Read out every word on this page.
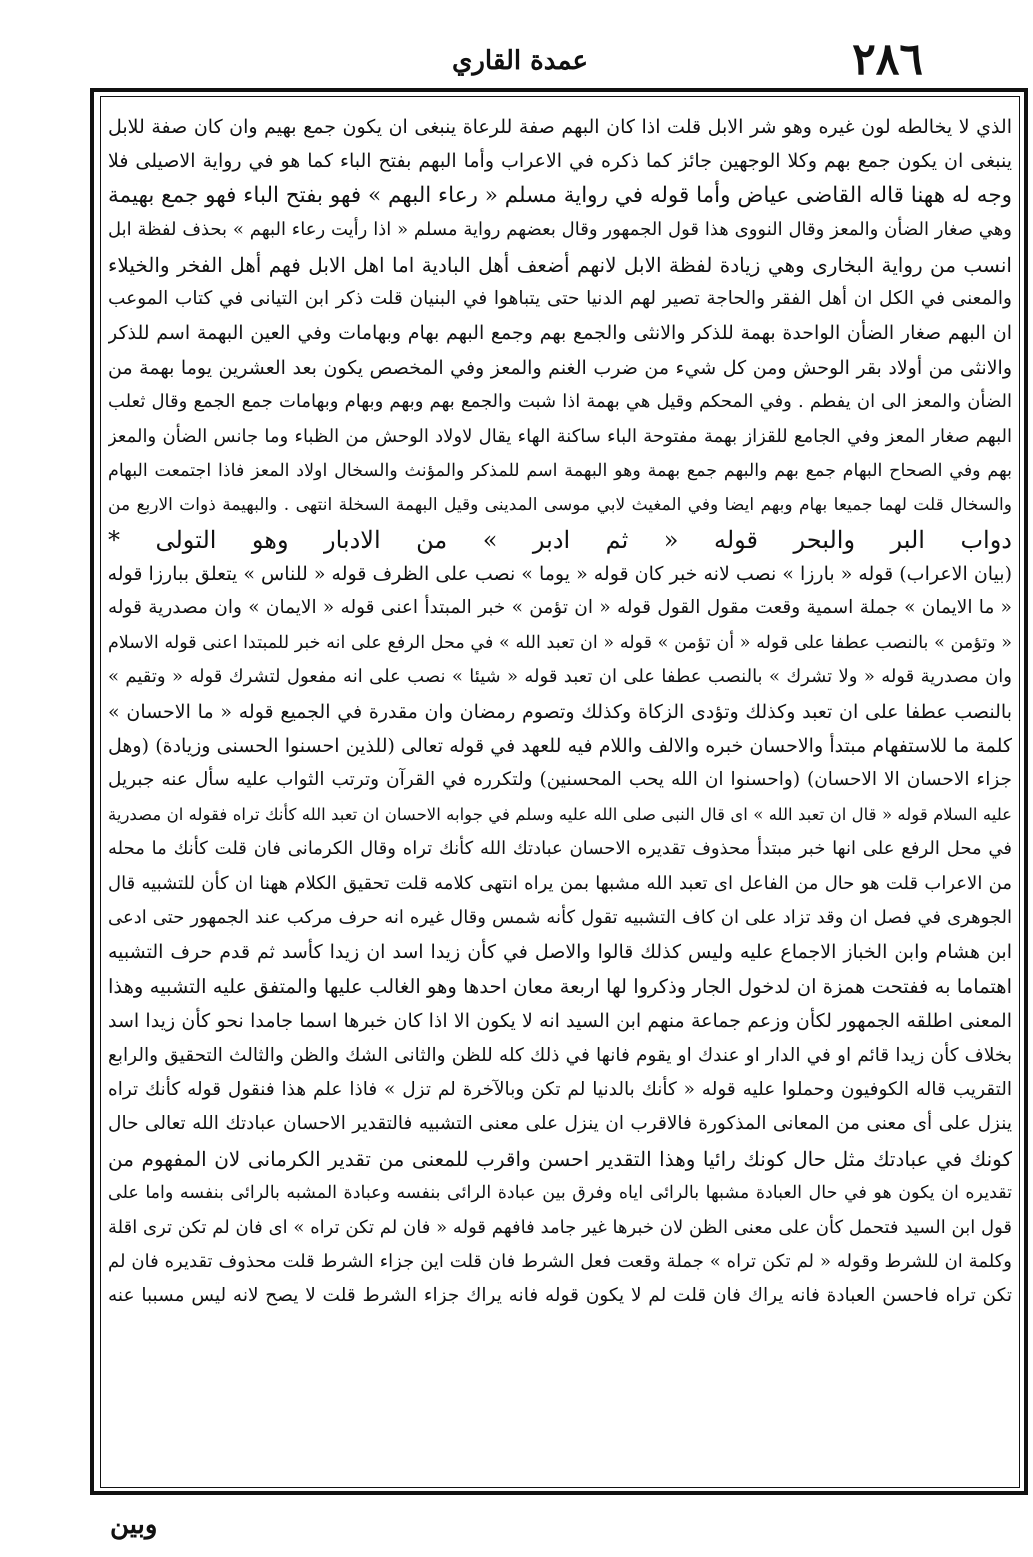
٢٨٦
عمدة القاري
الذي لا يخالطه لون غيره وهو شر الابل قلت اذا كان البهم صفة للرعاة ينبغى ان يكون جمع بهيم وان كان صفة للابل
ينبغى ان يكون جمع بهم وكلا الوجهين جائز كما ذكره في الاعراب وأما البهم بفتح الباء كما هو في رواية الاصيلى فلا
وجه له ههنا قاله القاضى عياض وأما قوله في رواية مسلم « رعاء البهم » فهو بفتح الباء فهو جمع بهيمة
وهي صغار الضأن والمعز وقال النووى هذا قول الجمهور وقال بعضهم رواية مسلم « اذا رأيت رعاء البهم » بحذف لفظة ابل
انسب من رواية البخارى وهي زيادة لفظة الابل لانهم أضعف أهل البادية اما اهل الابل فهم أهل الفخر والخيلاء
والمعنى في الكل ان أهل الفقر والحاجة تصير لهم الدنيا حتى يتباهوا في البنيان قلت ذكر ابن التيانى في كتاب الموعب
ان البهم صغار الضأن الواحدة بهمة للذكر والانثى والجمع بهم وجمع البهم بهام وبهامات وفي العين البهمة اسم للذكر
والانثى من أولاد بقر الوحش ومن كل شيء من ضرب الغنم والمعز وفي المخصص يكون بعد العشرين يوما بهمة من
الضأن والمعز الى ان يفطم . وفي المحكم وقيل هي بهمة اذا شبت والجمع بهم وبهم وبهام وبهامات جمع الجمع وقال ثعلب
البهم صغار المعز وفي الجامع للقزاز بهمة مفتوحة الباء ساكنة الهاء يقال لاولاد الوحش من الظباء وما جانس الضأن والمعز
بهم وفي الصحاح البهام جمع بهم والبهم جمع بهمة وهو البهمة اسم للمذكر والمؤنث والسخال اولاد المعز فاذا اجتمعت البهام
والسخال قلت لهما جميعا بهام وبهم ايضا وفي المغيث لابي موسى المدينى وقيل البهمة السخلة انتهى . والبهيمة ذوات الاربع من
دواب البر والبحر قوله « ثم ادبر » من الادبار وهو التولى *
(بيان الاعراب) قوله « بارزا » نصب لانه خبر كان قوله « يوما » نصب على الظرف قوله « للناس » يتعلق ببارزا قوله
« ما الايمان » جملة اسمية وقعت مقول القول قوله « ان تؤمن » خبر المبتدأ اعنى قوله « الايمان » وان مصدرية قوله
« وتؤمن » بالنصب عطفا على قوله « أن تؤمن » قوله « ان تعبد الله » في محل الرفع على انه خبر للمبتدا اعنى قوله الاسلام
وان مصدرية قوله « ولا تشرك » بالنصب عطفا على ان تعبد قوله « شيئا » نصب على انه مفعول لتشرك قوله « وتقيم »
بالنصب عطفا على ان تعبد وكذلك وتؤدى الزكاة وكذلك وتصوم رمضان وان مقدرة في الجميع قوله « ما الاحسان »
كلمة ما للاستفهام مبتدأ والاحسان خبره والالف واللام فيه للعهد في قوله تعالى (للذين احسنوا الحسنى وزيادة) (وهل
جزاء الاحسان الا الاحسان) (واحسنوا ان الله يحب المحسنين) ولتكرره في القرآن وترتب الثواب عليه سأل عنه جبريل
عليه السلام قوله « قال ان تعبد الله » اى قال النبى صلى الله عليه وسلم في جوابه الاحسان ان تعبد الله كأنك تراه فقوله ان مصدرية
في محل الرفع على انها خبر مبتدأ محذوف تقديره الاحسان عبادتك الله كأنك تراه وقال الكرمانى فان قلت كأنك ما محله
من الاعراب قلت هو حال من الفاعل اى تعبد الله مشبها بمن يراه انتهى كلامه قلت تحقيق الكلام ههنا ان كأن للتشبيه قال
الجوهرى في فصل ان وقد تزاد على ان كاف التشبيه تقول كأنه شمس وقال غيره انه حرف مركب عند الجمهور حتى ادعى
ابن هشام وابن الخباز الاجماع عليه وليس كذلك قالوا والاصل في كأن زيدا اسد ان زيدا كأسد ثم قدم حرف التشبيه
اهتماما به ففتحت همزة ان لدخول الجار وذكروا لها اربعة معان احدها وهو الغالب عليها والمتفق عليه التشبيه وهذا
المعنى اطلقه الجمهور لكأن وزعم جماعة منهم ابن السيد انه لا يكون الا اذا كان خبرها اسما جامدا نحو كأن زيدا اسد
بخلاف كأن زيدا قائم او في الدار او عندك او يقوم فانها في ذلك كله للظن والثانى الشك والظن والثالث التحقيق والرابع
التقريب قاله الكوفيون وحملوا عليه قوله « كأنك بالدنيا لم تكن وبالآخرة لم تزل » فاذا علم هذا فنقول قوله كأنك تراه
ينزل على أى معنى من المعانى المذكورة فالاقرب ان ينزل على معنى التشبيه فالتقدير الاحسان عبادتك الله تعالى حال
كونك في عبادتك مثل حال كونك رائيا وهذا التقدير احسن واقرب للمعنى من تقدير الكرمانى لان المفهوم من
تقديره ان يكون هو في حال العبادة مشبها بالرائى اياه وفرق بين عبادة الرائى بنفسه وعبادة المشبه بالرائى بنفسه واما على
قول ابن السيد فتحمل كأن على معنى الظن لان خبرها غير جامد فافهم قوله « فان لم تكن تراه » اى فان لم تكن ترى اقلة
وكلمة ان للشرط وقوله « لم تكن تراه » جملة وقعت فعل الشرط فان قلت اين جزاء الشرط قلت محذوف تقديره فان لم
تكن تراه فاحسن العبادة فانه يراك فان قلت لم لا يكون قوله فانه يراك جزاء الشرط قلت لا يصح لانه ليس مسببا عنه
وبين
